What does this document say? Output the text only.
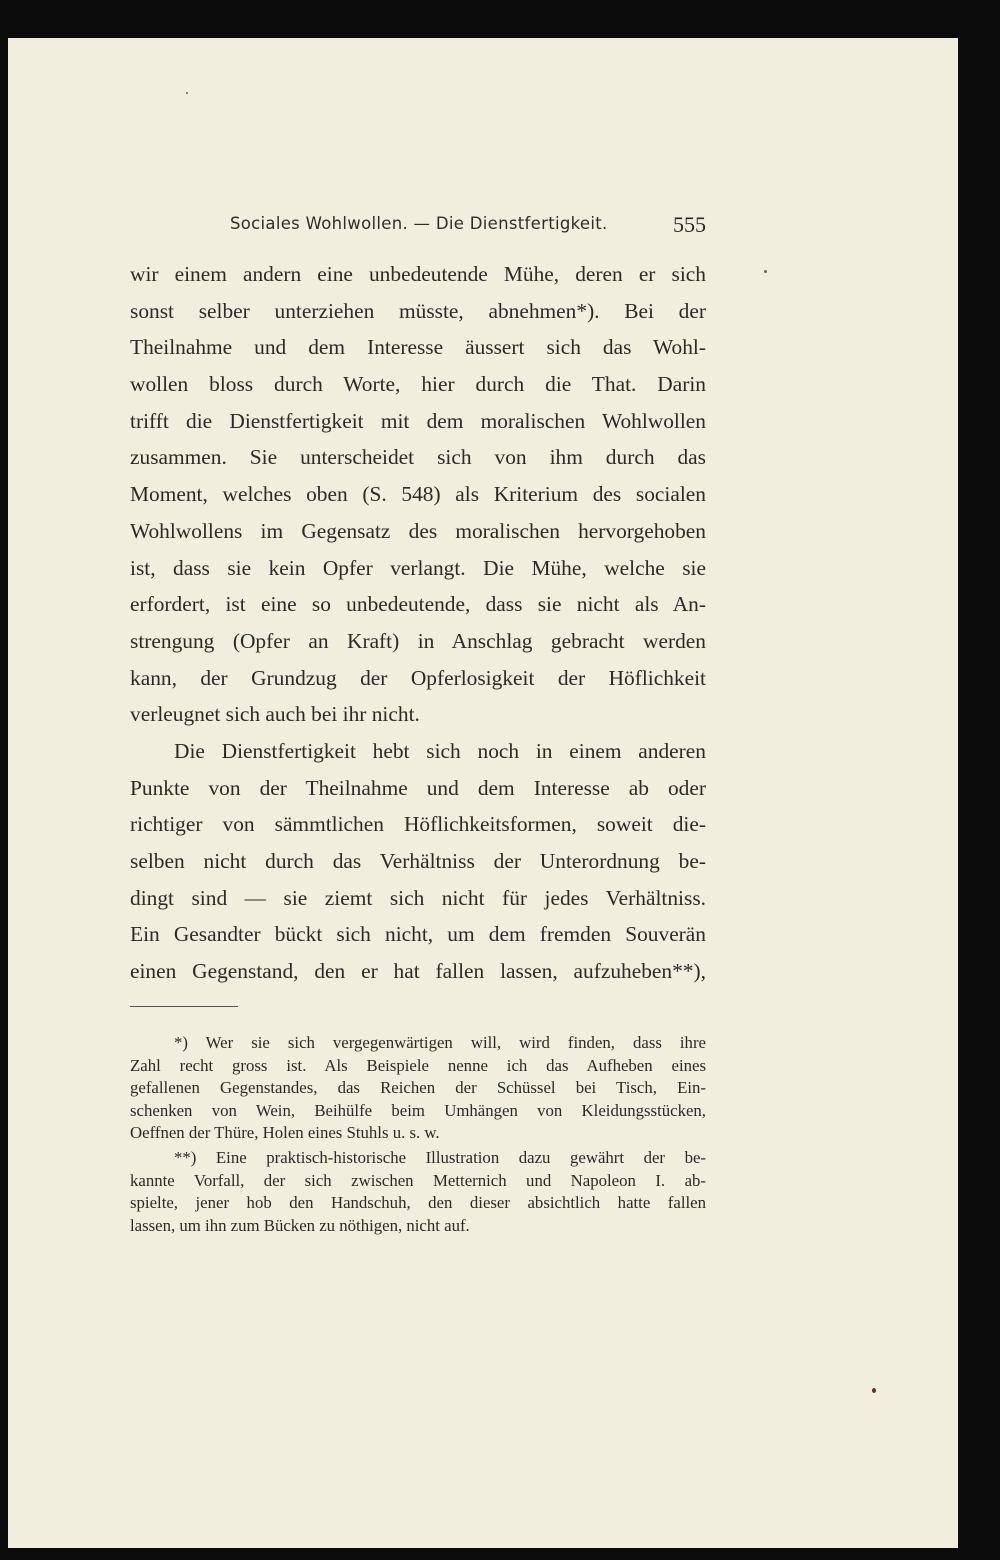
Sociales Wohlwollen. — Die Dienstfertigkeit.	555
wir einem andern eine unbedeutende Mühe, deren er sich
sonst selber unterziehen müsste, abnehmen*). Bei der
Theilnahme und dem Interesse äussert sich das Wohl-
wollen bloss durch Worte, hier durch die That. Darin
trifft die Dienstfertigkeit mit dem moralischen Wohlwollen
zusammen. Sie unterscheidet sich von ihm durch das
Moment, welches oben (S. 548) als Kriterium des socialen
Wohlwollens im Gegensatz des moralischen hervorgehoben
ist, dass sie kein Opfer verlangt. Die Mühe, welche sie
erfordert, ist eine so unbedeutende, dass sie nicht als An-
strengung (Opfer an Kraft) in Anschlag gebracht werden
kann, der Grundzug der Opferlosigkeit der Höflichkeit
verleugnet sich auch bei ihr nicht.
Die Dienstfertigkeit hebt sich noch in einem anderen
Punkte von der Theilnahme und dem Interesse ab oder
richtiger von sämmtlichen Höflichkeitsformen, soweit die-
selben nicht durch das Verhältniss der Unterordnung be-
dingt sind — sie ziemt sich nicht für jedes Verhältniss.
Ein Gesandter bückt sich nicht, um dem fremden Souverän
einen Gegenstand, den er hat fallen lassen, aufzuheben**),
*) Wer sie sich vergegenwärtigen will, wird finden, dass ihre
Zahl recht gross ist. Als Beispiele nenne ich das Aufheben eines
gefallenen Gegenstandes, das Reichen der Schüssel bei Tisch, Ein-
schenken von Wein, Beihülfe beim Umhängen von Kleidungsstücken,
Oeffnen der Thüre, Holen eines Stuhls u. s. w.
**) Eine praktisch-historische Illustration dazu gewährt der be-
kannte Vorfall, der sich zwischen Metternich und Napoleon I. ab-
spielte, jener hob den Handschuh, den dieser absichtlich hatte fallen
lassen, um ihn zum Bücken zu nöthigen, nicht auf.
